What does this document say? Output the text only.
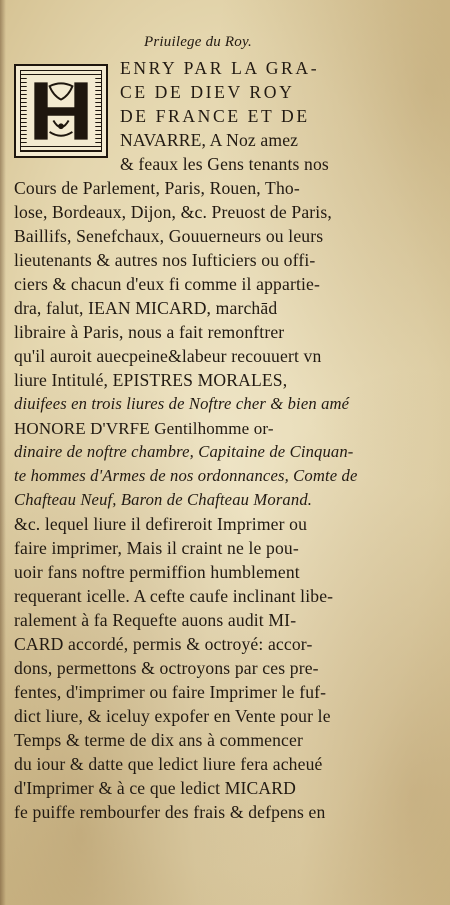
Priuilege du Roy.
ENRY PAR LA GRA-
CE DE DIEV ROY
DE FRANCE ET DE
NAVARRE, A Noz amez
& feaux les Gens tenants nos
Cours de Parlement, Paris, Rouen, Tho-
lose, Bordeaux, Dijon, &c. Preuost de Paris,
Baillifs, Senefchaux, Gouuerneurs ou leurs
lieutenants & autres nos Iufticiers ou offi-
ciers & chacun d'eux fi comme il appartie-
dra, falut, IEAN MICARD, marchād
libraire à Paris, nous a fait remonftrer
qu'il auroit auecpeine&labeur recouuert vn
liure Intitulé, EPISTRES MORALES,
diuifees en trois liures de Noftre cher & bien amé
HONORE D'VRFE Gentilhomme or-
dinaire de noftre chambre, Capitaine de Cinquan-
te hommes d'Armes de nos ordonnances, Comte de
Chafteau Neuf, Baron de Chafteau Morand.
&c. lequel liure il defireroit Imprimer ou
faire imprimer, Mais il craint ne le pou-
uoir fans noftre permiffion humblement
requerant icelle. A cefte caufe inclinant libe-
ralement à fa Requefte auons audit MI-
CARD accordé, permis & octroyé: accor-
dons, permettons & octroyons par ces pre-
fentes, d'imprimer ou faire Imprimer le fuf-
dict liure, & iceluy expofer en Vente pour le
Temps & terme de dix ans à commencer
du iour & datte que ledict liure fera acheué
d'Imprimer & à ce que ledict MICARD
fe puiffe rembourfer des frais & defpens en
